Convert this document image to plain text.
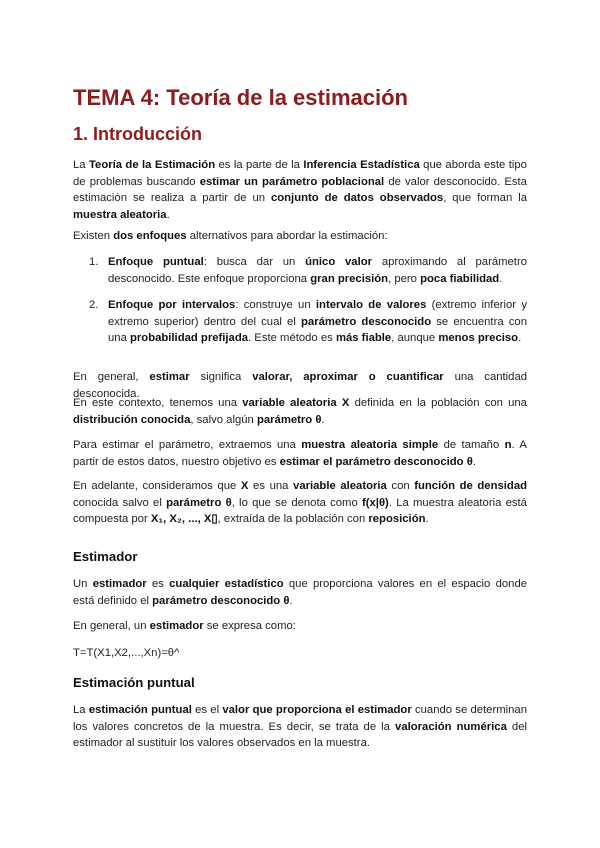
TEMA 4: Teoría de la estimación
1. Introducción

La Teoría de la Estimación es la parte de la Inferencia Estadística que aborda este tipo de problemas buscando estimar un parámetro poblacional de valor desconocido. Esta estimación se realiza a partir de un conjunto de datos observados, que forman la muestra aleatoria.

Existen dos enfoques alternativos para abordar la estimación:

1. Enfoque puntual: busca dar un único valor aproximando al parámetro desconocido. Este enfoque proporciona gran precisión, pero poca fiabilidad.
2. Enfoque por intervalos: construye un intervalo de valores (extremo inferior y extremo superior) dentro del cual el parámetro desconocido se encuentra con una probabilidad prefijada. Este método es más fiable, aunque menos preciso.

En general, estimar significa valorar, aproximar o cuantificar una cantidad desconocida.

En este contexto, tenemos una variable aleatoria X definida en la población con una distribución conocida, salvo algún parámetro θ.

Para estimar el parámetro, extraemos una muestra aleatoria simple de tamaño n. A partir de estos datos, nuestro objetivo es estimar el parámetro desconocido θ.

En adelante, consideramos que X es una variable aleatoria con función de densidad conocida salvo el parámetro θ, lo que se denota como f(x|θ). La muestra aleatoria está compuesta por X₁, X₂, ..., X▯, extraída de la población con reposición.

Estimador

Un estimador es cualquier estadístico que proporciona valores en el espacio donde está definido el parámetro desconocido θ.

En general, un estimador se expresa como:

T=T(X1,X2,...,Xn)=θ^

Estimación puntual

La estimación puntual es el valor que proporciona el estimador cuando se determinan los valores concretos de la muestra. Es decir, se trata de la valoración numérica del estimador al sustituir los valores observados en la muestra.
